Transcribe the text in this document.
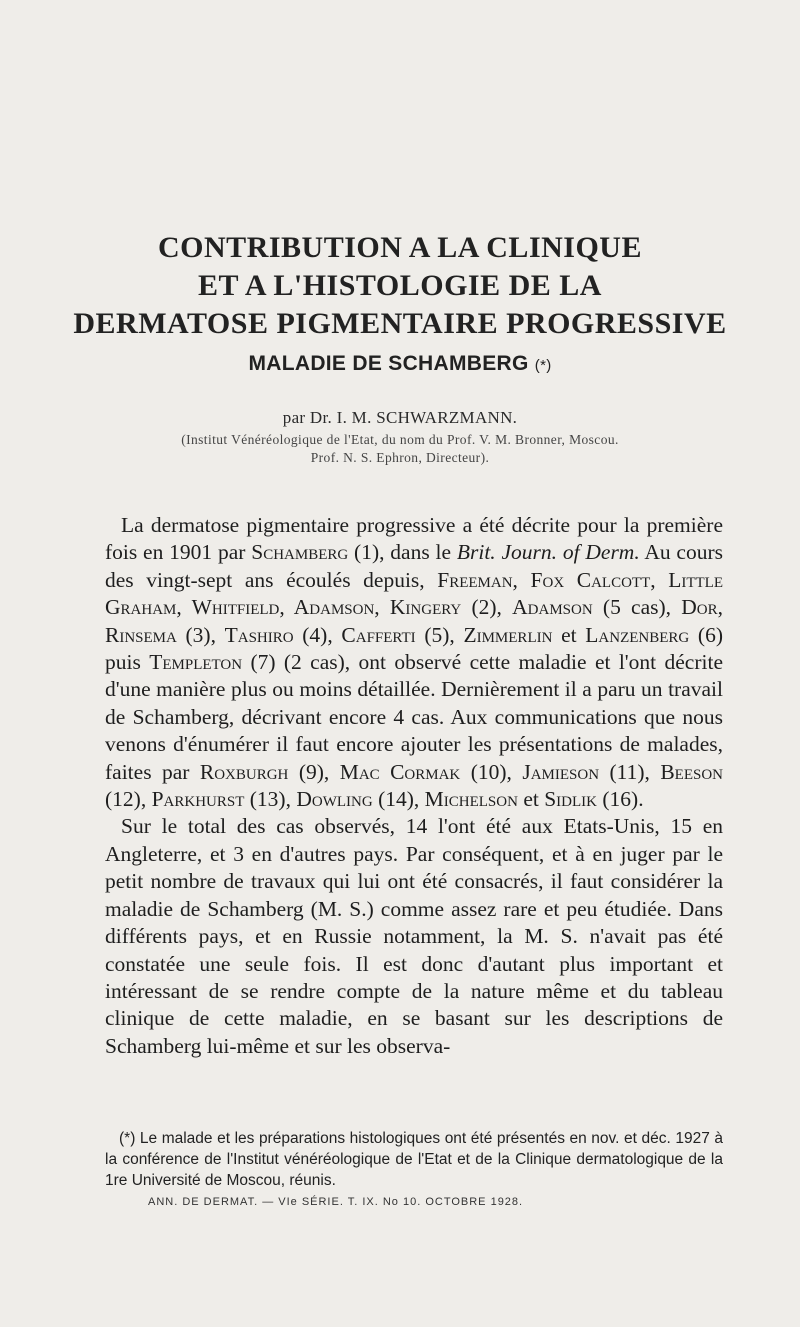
CONTRIBUTION A LA CLINIQUE
ET A L'HISTOLOGIE DE LA
DERMATOSE PIGMENTAIRE PROGRESSIVE
MALADIE DE SCHAMBERG (*)
par Dr. I. M. SCHWARZMANN.
(Institut Vénéréologique de l'Etat, du nom du Prof. V. M. Bronner, Moscou.
Prof. N. S. Ephron, Directeur).

La dermatose pigmentaire progressive a été décrite pour la première fois en 1901 par Schamberg (1), dans le Brit. Journ. of Derm. Au cours des vingt-sept ans écoulés depuis, Freeman, Fox Calcott, Little Graham, Whitfield, Adamson, Kingery (2), Adamson (5 cas), Dor, Rinsema (3), Tashiro (4), Cafferti (5), Zimmerlin et Lanzenberg (6) puis Templeton (7) (2 cas), ont observé cette maladie et l'ont décrite d'une manière plus ou moins détaillée. Dernièrement il a paru un travail de Schamberg, décrivant encore 4 cas. Aux communications que nous venons d'énumérer il faut encore ajouter les présentations de malades, faites par Roxburgh (9), Mac Cormak (10), Jamieson (11), Beeson (12), Parkhurst (13), Dowling (14), Michelson et Sidlik (16).

Sur le total des cas observés, 14 l'ont été aux Etats-Unis, 15 en Angleterre, et 3 en d'autres pays. Par conséquent, et à en juger par le petit nombre de travaux qui lui ont été consacrés, il faut considérer la maladie de Schamberg (M. S.) comme assez rare et peu étudiée. Dans différents pays, et en Russie notamment, la M. S. n'avait pas été constatée une seule fois. Il est donc d'autant plus important et intéressant de se rendre compte de la nature même et du tableau clinique de cette maladie, en se basant sur les descriptions de Schamberg lui-même et sur les observa-

(*) Le malade et les préparations histologiques ont été présentés en nov. et déc. 1927 à la conférence de l'Institut vénéréologique de l'Etat et de la Clinique dermatologique de la 1re Université de Moscou, réunis.
ANN. DE DERMAT. — VIe SÉRIE. T. IX. No 10. OCTOBRE 1928.
